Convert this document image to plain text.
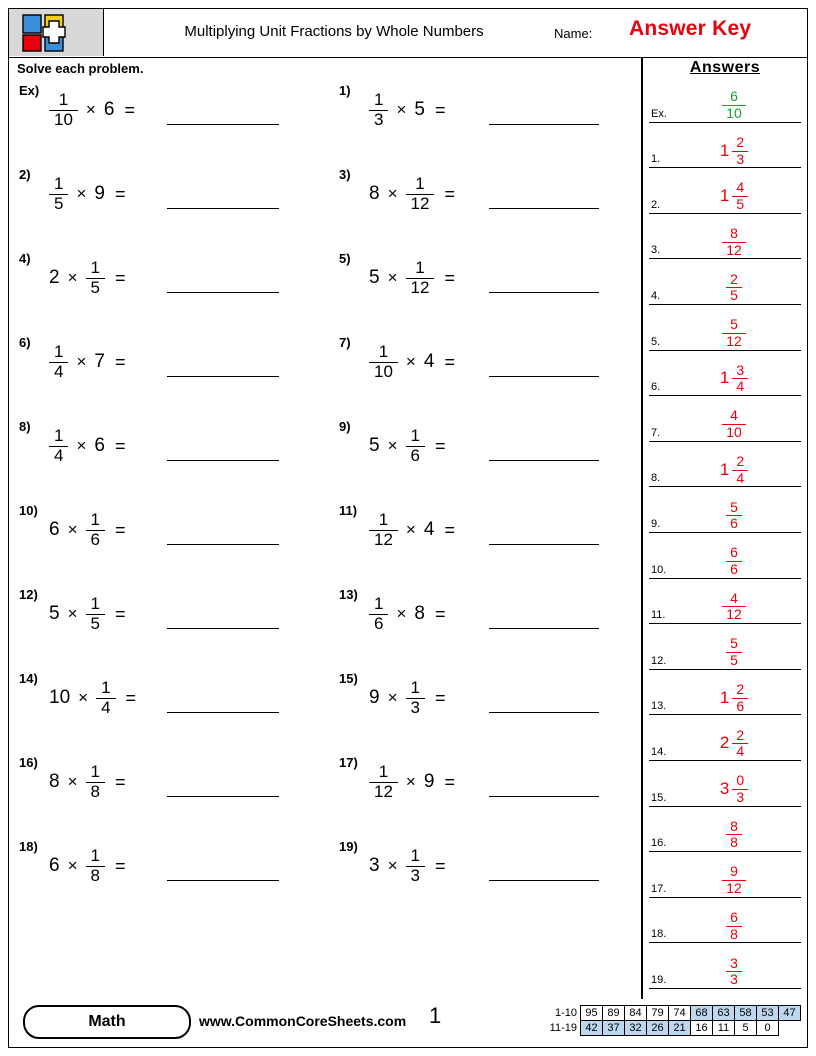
Multiplying Unit Fractions by Whole Numbers	Name: Answer Key
Solve each problem.
Ex)
$\frac{1}{10} \times 6$ =
2)
$\frac{1}{5} \times 9$ =
4)
$2 \times \frac{1}{5}$ =
6)
$\frac{1}{4} \times 7$ =
8)
$\frac{1}{4} \times 6$ =
10)
$6 \times \frac{1}{6}$ =
12)
$5 \times \frac{1}{5}$ =
14)
$10 \times \frac{1}{4}$ =
16)
$8 \times \frac{1}{8}$ =
18)
$6 \times \frac{1}{8}$ =
1)
$\frac{1}{3} \times 5$ =
3)
$8 \times \frac{1}{12}$ =
5)
$5 \times \frac{1}{12}$ =
7)
$\frac{1}{10} \times 4$ =
9)
$5 \times \frac{1}{6}$ =
11)
$\frac{1}{12} \times 4$ =
13)
$\frac{1}{6} \times 8$ =
15)
$9 \times \frac{1}{3}$ =
17)
$\frac{1}{12} \times 9$ =
19)
$3 \times \frac{1}{3}$ =
Answers
Ex.	$\frac{6}{10}$
1.	$1 \frac{2}{3}$
2.	$1 \frac{4}{5}$
3.	$\frac{8}{12}$
4.	$\frac{2}{5}$
5.	$\frac{5}{12}$
6.	$1 \frac{3}{4}$
7.	$\frac{4}{10}$
8.	$1 \frac{2}{4}$
9.	$\frac{5}{6}$
10.	$\frac{6}{6}$
11.	$\frac{4}{12}$
12.	$\frac{5}{5}$
13.	$1 \frac{2}{6}$
14.	$2 \frac{2}{4}$
15.	$3 \frac{0}{3}$
16.	$\frac{8}{8}$
17.	$\frac{9}{12}$
18.	$\frac{6}{8}$
19.	$\frac{3}{3}$
Math	www.CommonCoreSheets.com 1	1-10	95	89	84	79	74	68	63	58	53	47
11-19	42	37	32	26	21	16	11	5	0	
